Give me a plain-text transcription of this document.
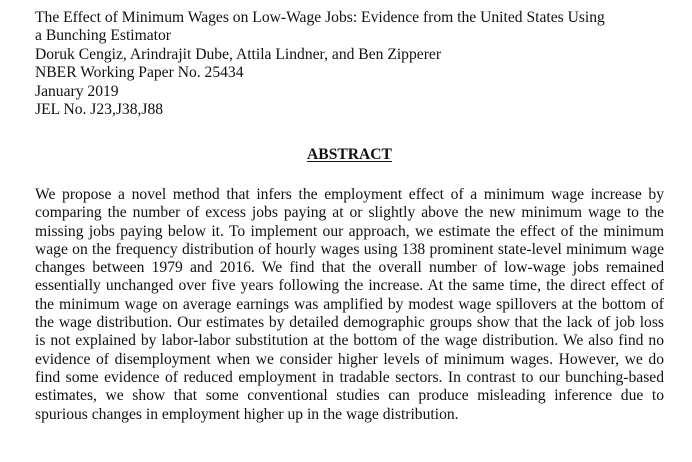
The Effect of Minimum Wages on Low-Wage Jobs: Evidence from the United States Using
a Bunching Estimator
Doruk Cengiz, Arindrajit Dube, Attila Lindner, and Ben Zipperer
NBER Working Paper No. 25434
January 2019
JEL No. J23,J38,J88
ABSTRACT
We propose a novel method that infers the employment effect of a minimum wage increase by comparing the number of excess jobs paying at or slightly above the new minimum wage to the missing jobs paying below it. To implement our approach, we estimate the effect of the minimum wage on the frequency distribution of hourly wages using 138 prominent state-level minimum wage changes between 1979 and 2016. We find that the overall number of low-wage jobs remained essentially unchanged over five years following the increase. At the same time, the direct effect of the minimum wage on average earnings was amplified by modest wage spillovers at the bottom of the wage distribution. Our estimates by detailed demographic groups show that the lack of job loss is not explained by labor-labor substitution at the bottom of the wage distribution. We also find no evidence of disemployment when we consider higher levels of minimum wages. However, we do find some evidence of reduced employment in tradable sectors. In contrast to our bunching-based estimates, we show that some conventional studies can produce misleading inference due to spurious changes in employment higher up in the wage distribution.
